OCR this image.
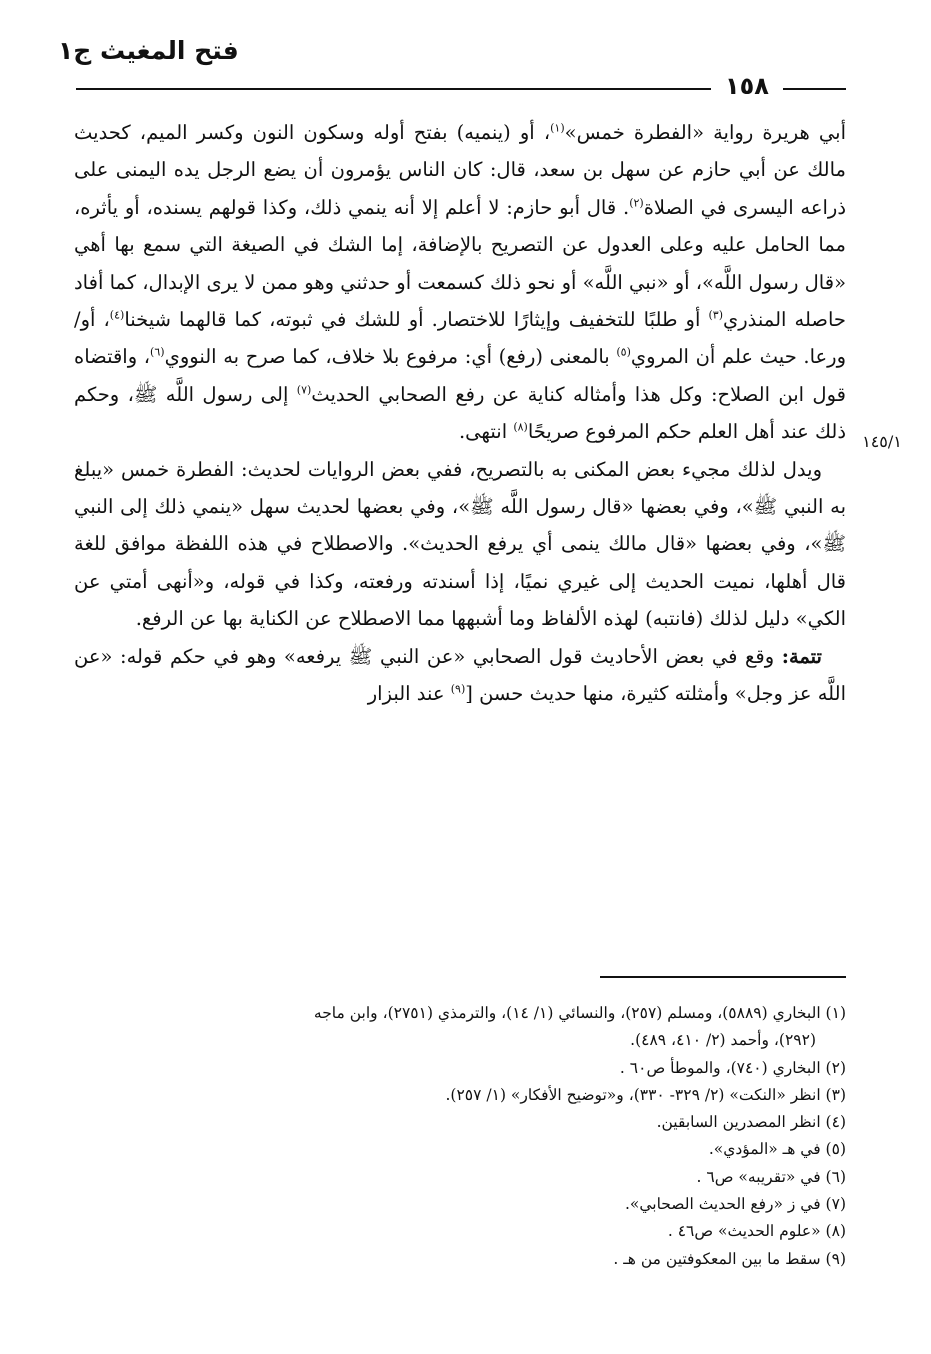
فتح المغيث ج١
١٥٨
١٤٥/١

أبي هريرة رواية «الفطرة خمس»$^{(١)}$، أو (ينميه) بفتح أوله وسكون النون وكسر الميم، كحديث مالك عن أبي حازم عن سهل بن سعد، قال: كان الناس يؤمرون أن يضع الرجل يده اليمنى على ذراعه اليسرى في الصلاة$^{(٢)}$. قال أبو حازم: لا أعلم إلا أنه ينمي ذلك، وكذا قولهم يسنده، أو يأثره، مما الحامل عليه وعلى العدول عن التصريح بالإضافة، إما الشك في الصيغة التي سمع بها أهي «قال رسول اللَّه»، أو «نبي اللَّه» أو نحو ذلك كسمعت أو حدثني وهو ممن لا يرى الإبدال، كما أفاد حاصله المنذري$^{(٣)}$ أو طلبًا للتخفيف وإيثارًا للاختصار. أو للشك في ثبوته، كما قالهما شيخنا$^{(٤)}$، أو/ ورعا. حيث علم أن المروي$^{(٥)}$ بالمعنى (رفع) أي: مرفوع بلا خلاف، كما صرح به النووي$^{(٦)}$، واقتضاه قول ابن الصلاح: وكل هذا وأمثاله كناية عن رفع الصحابي الحديث$^{(٧)}$ إلى رسول اللَّه ﷺ، وحكم ذلك عند أهل العلم حكم المرفوع صريحًا$^{(٨)}$ انتهى.

ويدل لذلك مجيء بعض المكنى به بالتصريح، ففي بعض الروايات لحديث: الفطرة خمس «يبلغ به النبي ﷺ»، وفي بعضها «قال رسول اللَّه ﷺ»، وفي بعضها لحديث سهل «ينمي ذلك إلى النبي ﷺ»، وفي بعضها «قال مالك ينمى أي يرفع الحديث». والاصطلاح في هذه اللفظة موافق للغة قال أهلها، نميت الحديث إلى غيري نميًا، إذا أسندته ورفعته، وكذا في قوله، و«أنهى أمتي عن الكي» دليل لذلك (فانتبه) لهذه الألفاظ وما أشبهها مما الاصطلاح عن الكناية بها عن الرفع.

تتمة: وقع في بعض الأحاديث قول الصحابي «عن النبي ﷺ يرفعه» وهو في حكم قوله: «عن اللَّه عز وجل» وأمثلته كثيرة، منها حديث حسن [$^{(٩)}$ عند البزار

(١) البخاري (٥٨٨٩)، ومسلم (٢٥٧)، والنسائي (١/ ١٤)، والترمذي (٢٧٥١)، وابن ماجه

(٢٩٢)، وأحمد (٢/ ٤١٠، ٤٨٩).

(٢) البخاري (٧٤٠)، والموطأ ص٦٠ .

(٣) انظر «النكت» (٢/ ٣٢٩- ٣٣٠)، و«توضيح الأفكار» (١/ ٢٥٧).

(٤) انظر المصدرين السابقين.

(٥) في هـ «المؤدي».

(٦) في «تقريبه» ص٦ .

(٧) في ز «رفع الحديث الصحابي».

(٨) «علوم الحديث» ص٤٦ .

(٩) سقط ما بين المعكوفتين من هـ .
